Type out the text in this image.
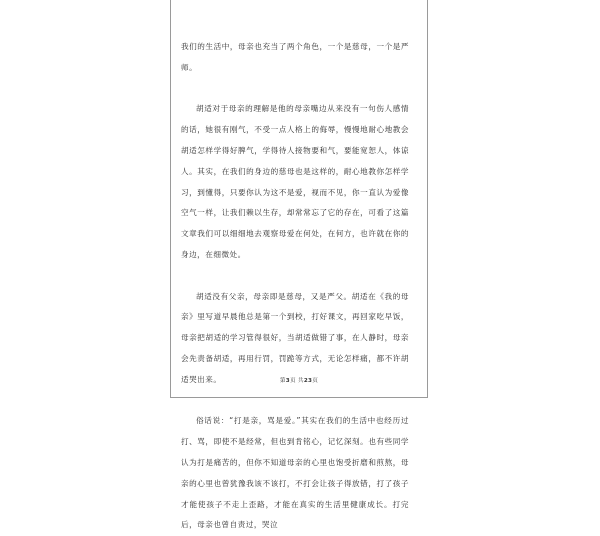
我们的生活中，母亲也充当了两个角色，一个是慈母，一个是严师。

胡适对于母亲的理解是他的母亲嘴边从来没有一句伤人感情的话，她很有刚气，不受一点人格上的侮辱，慢慢地耐心地教会胡适怎样学得好脾气，学得待人接物要和气，要能宽恕人，体谅人。其实，在我们的身边的慈母也是这样的，耐心地教你怎样学习，到懂得，只要你认为这不是爱，视而不见，你一直认为爱像空气一样，让我们赖以生存，却常常忘了它的存在，可看了这篇文章我们可以细细地去观察母爱在何处，在何方，也许就在你的身边，在细微处。

胡适没有父亲，母亲即是慈母，又是严父。胡适在《我的母亲》里写道早晨他总是第一个到校，打好课文，再回家吃早饭，母亲把胡适的学习管得很好，当胡适做错了事，在人静时，母亲会先责备胡适，再用行罚，罚跪等方式，无论怎样痛，都不许胡适哭出来。

俗话说：“打是亲，骂是爱。”其实在我们的生活中也经历过打、骂，即使不是经常，但也到肯铭心，记忆深刻。也有些同学认为打是痛苦的，但你不知道母亲的心里也饱受折磨和煎熬，母亲的心里也曾犹豫我该不该打，不打会让孩子得放错，打了孩子才能使孩子不走上歪路，才能在真实的生活里健康成长。打完后，母亲也曾自责过，哭泣

第3页 共23页
